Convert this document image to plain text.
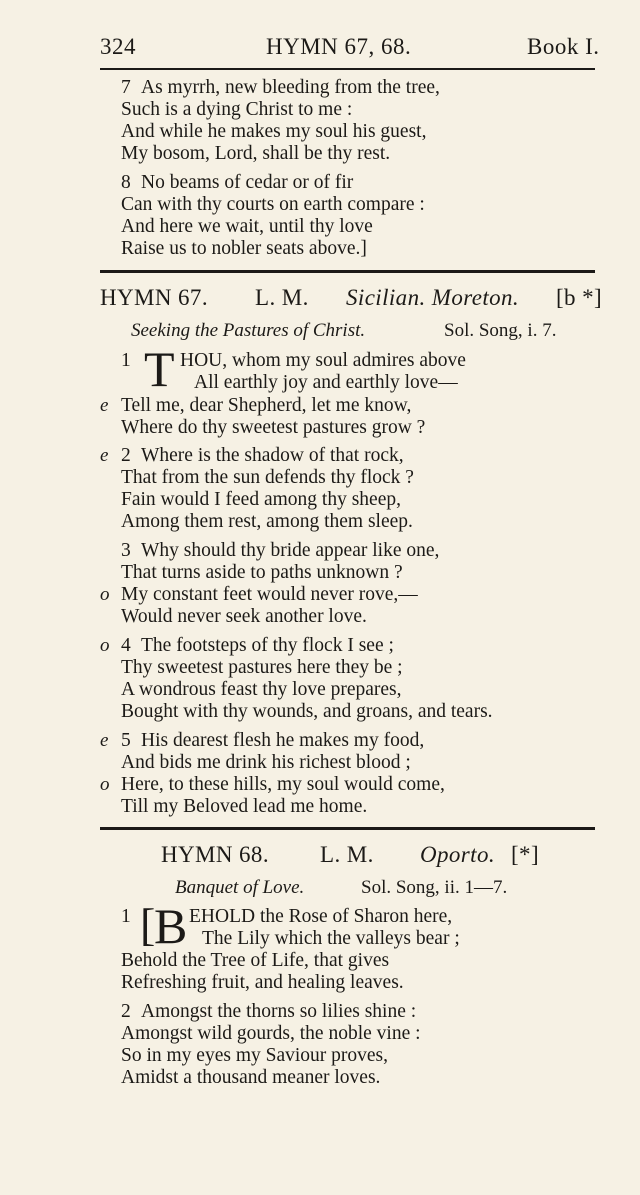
324	HYMN 67, 68.	Book I.
7 As myrrh, new bleeding from the tree,
Such is a dying Christ to me :
And while he makes my soul his guest,
My bosom, Lord, shall be thy rest.
8 No beams of cedar or of fir
Can with thy courts on earth compare :
And here we wait, until thy love
Raise us to nobler seats above.]
HYMN 67. L. M. Sicilian. Moreton. [b *]
Seeking the Pastures of Christ.	Sol. Song, i. 7.
1 T HOU, whom my soul admires above
All earthly joy and earthly love—
e Tell me, dear Shepherd, let me know,
Where do thy sweetest pastures grow ?
e 2 Where is the shadow of that rock,
That from the sun defends thy flock ?
Fain would I feed among thy sheep,
Among them rest, among them sleep.
3 Why should thy bride appear like one,
That turns aside to paths unknown ?
o My constant feet would never rove,—
Would never seek another love.
o 4 The footsteps of thy flock I see ;
Thy sweetest pastures here they be ;
A wondrous feast thy love prepares,
Bought with thy wounds, and groans, and tears.
e 5 His dearest flesh he makes my food,
And bids me drink his richest blood ;
o Here, to these hills, my soul would come,
Till my Beloved lead me home.
HYMN 68. L. M. Oporto. [*]
Banquet of Love.	Sol. Song, ii. 1—7.
1 [
B EHOLD the Rose of Sharon here,
The Lily which the valleys bear ;
Behold the Tree of Life, that gives
Refreshing fruit, and healing leaves.
2 Amongst the thorns so lilies shine :
Amongst wild gourds, the noble vine :
So in my eyes my Saviour proves,
Amidst a thousand meaner loves.
